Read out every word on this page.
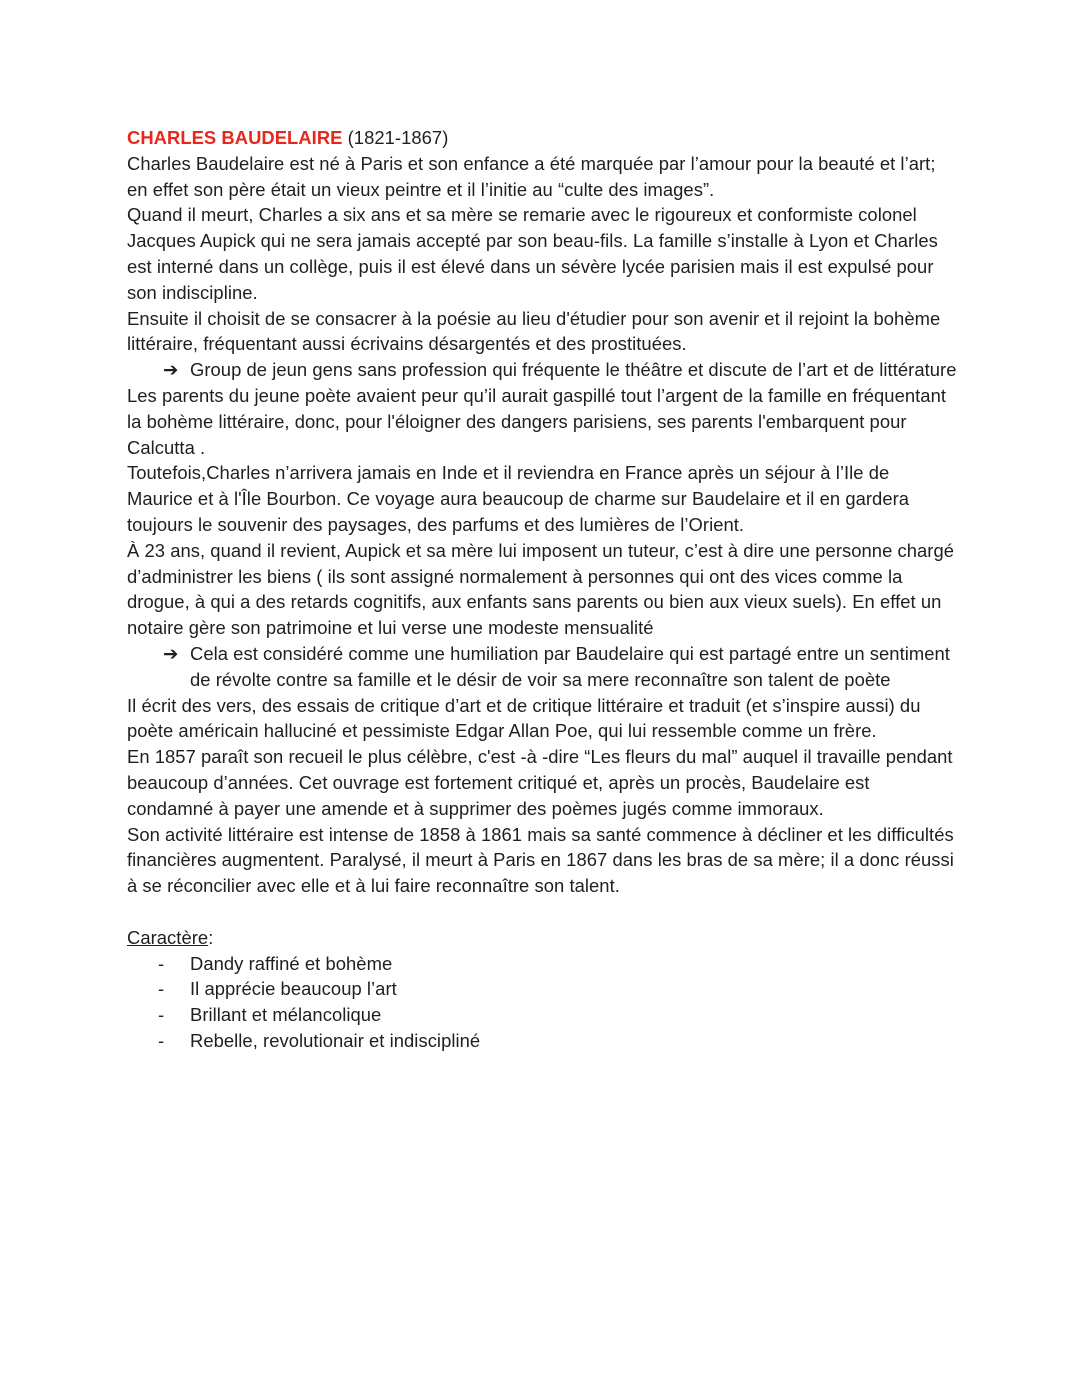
CHARLES BAUDELAIRE (1821-1867)

Charles Baudelaire est né à Paris et son enfance a été marquée par l’amour pour la beauté et l’art; en effet son père était un vieux peintre et il l’initie au “culte des images”.

Quand il meurt, Charles a six ans et sa mère se remarie avec le rigoureux et conformiste colonel Jacques Aupick qui ne sera jamais accepté par son beau-fils. La famille s’installe à Lyon et Charles est interné dans un collège, puis il est élevé dans un sévère lycée parisien mais il est expulsé pour son indiscipline.

Ensuite il choisit de se consacrer à la poésie au lieu d'étudier pour son avenir et il rejoint la bohème littéraire, fréquentant aussi écrivains désargentés et des prostituées.

➔ Group de jeun gens sans profession qui fréquente le théâtre et discute de l’art et de littérature

Les parents du jeune poète avaient peur qu’il aurait gaspillé tout l’argent de la famille en fréquentant la bohème littéraire, donc, pour l'éloigner des dangers parisiens, ses parents l'embarquent pour Calcutta .

Toutefois,Charles n’arrivera jamais en Inde et il reviendra en France après un séjour à l’Ile de Maurice et à l'Île Bourbon. Ce voyage aura beaucoup de charme sur Baudelaire et il en gardera toujours le souvenir des paysages, des parfums et des lumières de l’Orient.

À 23 ans, quand il revient, Aupick et sa mère lui imposent un tuteur, c’est à dire une personne chargé d’administrer les biens ( ils sont assigné normalement à personnes qui ont des vices comme la drogue, à qui a des retards cognitifs, aux enfants sans parents ou bien aux vieux suels). En effet un notaire gère son patrimoine et lui verse une modeste mensualité

➔ Cela est considéré comme une humiliation par Baudelaire qui est partagé entre un sentiment de révolte contre sa famille et le désir de voir sa mere reconnaître son talent de poète

Il écrit des vers, des essais de critique d’art et de critique littéraire et traduit (et s’inspire aussi) du poète américain halluciné et pessimiste Edgar Allan Poe, qui lui ressemble comme un frère.

En 1857 paraît son recueil le plus célèbre, c'est -à -dire “Les fleurs du mal” auquel il travaille pendant beaucoup d’années. Cet ouvrage est fortement critiqué et, après un procès, Baudelaire est condamné à payer une amende et à supprimer des poèmes jugés comme immoraux.

Son activité littéraire est intense de 1858 à 1861 mais sa santé commence à décliner et les difficultés financières augmentent. Paralysé, il meurt à Paris en 1867 dans les bras de sa mère; il a donc réussi à se réconcilier avec elle et à lui faire reconnaître son talent.

Caractère:

- Dandy raffiné et bohème
- Il apprécie beaucoup l’art
- Brillant et mélancolique
- Rebelle, revolutionair et indiscipliné
